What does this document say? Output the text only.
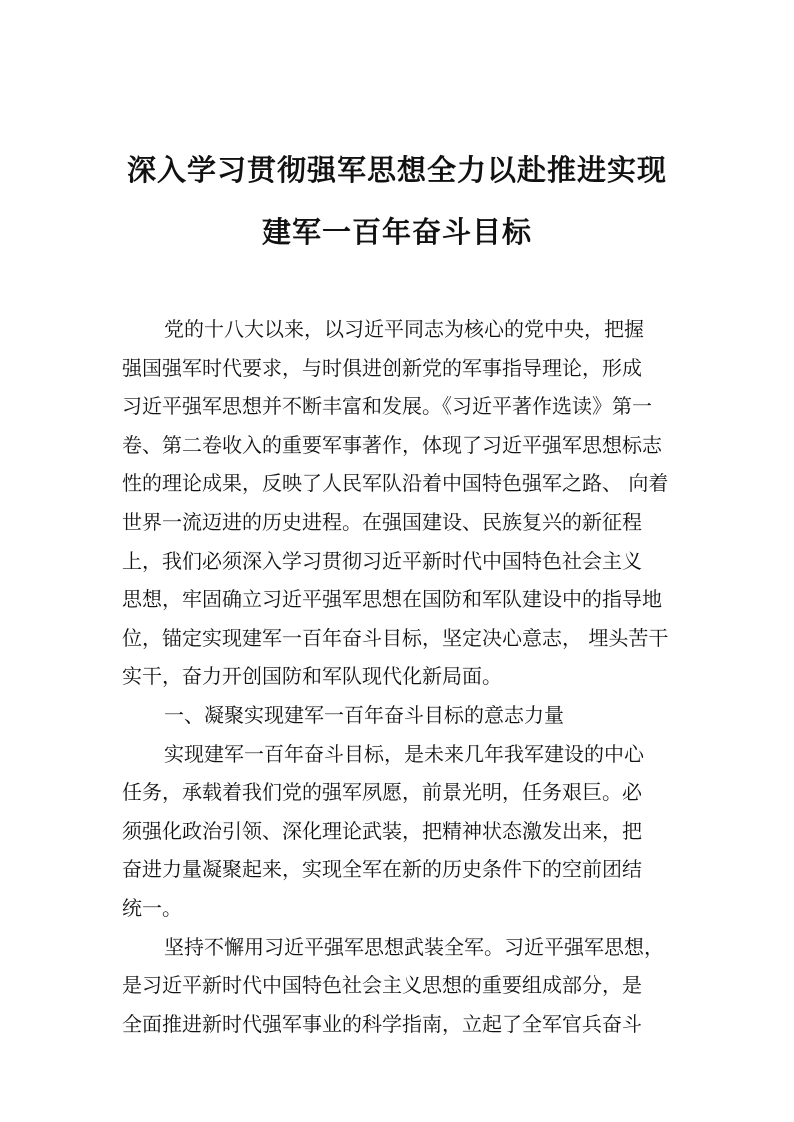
深入学习贯彻强军思想全力以赴推进实现
建军一百年奋斗目标
党的十八大以来，以习近平同志为核心的党中央，把握
强国强军时代要求，与时俱进创新党的军事指导理论，形成
习近平强军思想并不断丰富和发展。《习近平著作选读》第一
卷、第二卷收入的重要军事著作，体现了习近平强军思想标志
性的理论成果，反映了人民军队沿着中国特色强军之路、 向着
世界一流迈进的历史进程。在强国建设、民族复兴的新征程
上，我们必须深入学习贯彻习近平新时代中国特色社会主义
思想，牢固确立习近平强军思想在国防和军队建设中的指导地
位，锚定实现建军一百年奋斗目标，坚定决心意志， 埋头苦干
实干，奋力开创国防和军队现代化新局面。
一、凝聚实现建军一百年奋斗目标的意志力量
实现建军一百年奋斗目标，是未来几年我军建设的中心
任务，承载着我们党的强军夙愿，前景光明，任务艰巨。必
须强化政治引领、深化理论武装，把精神状态激发出来，把
奋进力量凝聚起来，实现全军在新的历史条件下的空前团结
统一。
坚持不懈用习近平强军思想武装全军。习近平强军思想，
是习近平新时代中国特色社会主义思想的重要组成部分，是
全面推进新时代强军事业的科学指南，立起了全军官兵奋斗
